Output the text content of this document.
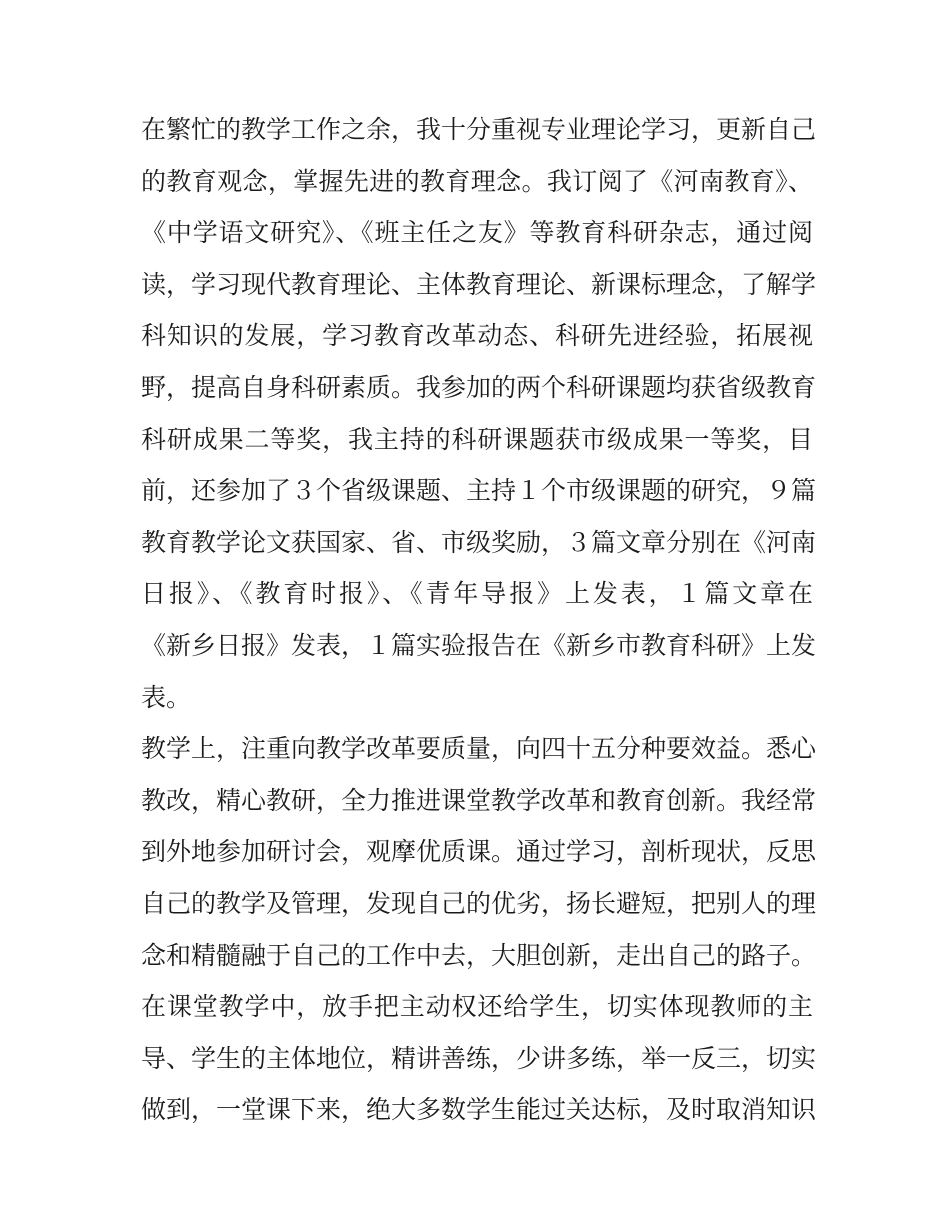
在繁忙的教学工作之余，我十分重视专业理论学习，更新自己
的教育观念，掌握先进的教育理念。我订阅了《河南教育》、
《中学语文研究》、《班主任之友》等教育科研杂志，通过阅
读，学习现代教育理论、主体教育理论、新课标理念，了解学
科知识的发展，学习教育改革动态、科研先进经验，拓展视
野，提高自身科研素质。我参加的两个科研课题均获省级教育
科研成果二等奖，我主持的科研课题获市级成果一等奖，目
前，还参加了３个省级课题、主持１个市级课题的研究，９篇
教育教学论文获国家、省、市级奖励，３篇文章分别在《河南
日报》、《教育时报》、《青年导报》上发表，１篇文章在
《新乡日报》发表，１篇实验报告在《新乡市教育科研》上发
表。
教学上，注重向教学改革要质量，向四十五分种要效益。悉心
教改，精心教研，全力推进课堂教学改革和教育创新。我经常
到外地参加研讨会，观摩优质课。通过学习，剖析现状，反思
自己的教学及管理，发现自己的优劣，扬长避短，把别人的理
念和精髓融于自己的工作中去，大胆创新，走出自己的路子。
在课堂教学中，放手把主动权还给学生，切实体现教师的主
导、学生的主体地位，精讲善练，少讲多练，举一反三，切实
做到，一堂课下来，绝大多数学生能过关达标，及时取消知识
